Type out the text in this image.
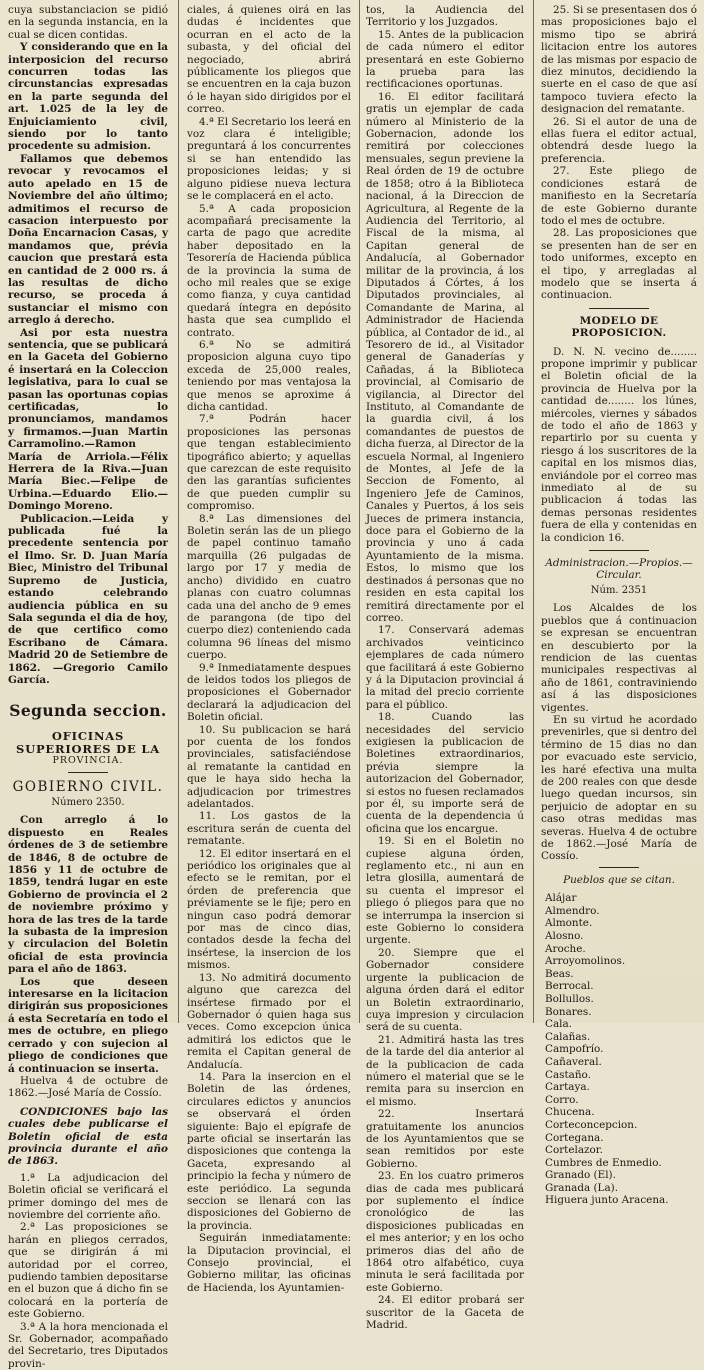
cuya substanciacion se pidió en la segunda instancia, en la cual se dicen contidas.

Y considerando que en la interposicion del recurso concurren todas las circunstancias expresadas en la parte segunda del art. 1.025 de la ley de Enjuiciamiento civil, siendo por lo tanto procedente su admision.

Fallamos que debemos revocar y revocamos el auto apelado en 15 de Noviembre del año último; admitimos el recurso de casacion interpuesto por Doña Encarnacion Casas, y mandamos que, prévia caucion que prestará esta en cantidad de 2 000 rs. á las resultas de dicho recurso, se proceda á sustanciar el mismo con arreglo á derecho.

Asi por esta nuestra sentencia, que se publicará en la Gaceta del Gobierno é insertará en la Coleccion legislativa, para lo cual se pasan las oportunas copias certificadas, lo pronunciamos, mandamos y firmamos.—Juan Martin Carramolino.—Ramon María de Arriola.—Félix Herrera de la Riva.—Juan María Biec.—Felipe de Urbina.—Eduardo Elio.—Domingo Moreno.

Publicacion.—Leida y publicada fué la precedente sentencia por el Ilmo. Sr. D. Juan María Biec, Ministro del Tribunal Supremo de Justicia, estando celebrando audiencia pública en su Sala segunda el dia de hoy, de que certifico como Escribano de Cámara. Madrid 20 de Setiembre de 1862. —Gregorio Camilo García.

Segunda seccion.
OFICINAS SUPERIORES DE LA
PROVINCIA.
GOBIERNO CIVIL.
Número 2350.

Con arreglo á lo dispuesto en Reales órdenes de 3 de setiembre de 1846, 8 de octubre de 1856 y 11 de octubre de 1859, tendrá lugar en este Gobierno de provincia el 2 de noviembre próximo y hora de las tres de la tarde la subasta de la impresion y circulacion del Boletin oficial de esta provincia para el año de 1863.

Los que deseen interesarse en la licitacion dirigirán sus proposiciones á esta Secretaría en todo el mes de octubre, en pliego cerrado y con sujecion al pliego de condiciones que á continuacion se inserta.

Huelva 4 de octubre de 1862.—José María de Cossío.

CONDICIONES bajo las cuales debe publicarse el Boletin oficial de esta provincia durante el año de 1863.

1.ª La adjudicacion del Boletin oficial se verificará el primer domingo del mes de noviembre del corriente año.

2.ª Las proposiciones se harán en pliegos cerrados, que se dirigirán á mi autoridad por el correo, pudiendo tambien depositarse en el buzon que á dicho fin se colocará en la portería de este Gobierno.

3.ª A la hora mencionada el Sr. Gobernador, acompañado del Secretario, tres Diputados provin-

ciales, á quienes oirá en las dudas é incidentes que ocurran en el acto de la subasta, y del oficial del negociado, abrirá públicamente los pliegos que se encuentren en la caja buzon ó le hayan sido dirigidos por el correo.

4.ª El Secretario los leerá en voz clara é inteligible; preguntará á los concurrentes si se han entendido las proposiciones leidas; y si alguno pidiese nueva lectura se le complacerá en el acto.

5.ª A cada proposicion acompañará precisamente la carta de pago que acredite haber depositado en la Tesorería de Hacienda pública de la provincia la suma de ocho mil reales que se exige como fianza, y cuya cantidad quedará íntegra en depósito hasta que sea cumplido el contrato.

6.ª No se admitirá proposicion alguna cuyo tipo exceda de 25,000 reales, teniendo por mas ventajosa la que menos se aproxime á dicha cantidad.

7.ª Podrán hacer proposiciones las personas que tengan establecimiento tipográfico abierto; y aquellas que carezcan de este requisito den las garantías suficientes de que pueden cumplir su compromiso.

8.ª Las dimensiones del Boletin serán las de un pliego de papel continuo tamaño marquilla (26 pulgadas de largo por 17 y media de ancho) dividido en cuatro planas con cuatro columnas cada una del ancho de 9 emes de parangona (de tipo del cuerpo diez) conteniendo cada columna 96 líneas del mismo cuerpo.

9.ª Inmediatamente despues de leidos todos los pliegos de proposiciones el Gobernador declarará la adjudicacion del Boletin oficial.

10. Su publicacion se hará por cuenta de los fondos provinciales, satisfaciéndose al rematante la cantidad en que le haya sido hecha la adjudicacion por trimestres adelantados.

11. Los gastos de la escritura serán de cuenta del rematante.

12. El editor insertará en el periódico los originales que al efecto se le remitan, por el órden de preferencia que préviamente se le fije; pero en ningun caso podrá demorar por mas de cinco dias, contados desde la fecha del insértese, la insercion de los mismos.

13. No admitirá documento alguno que carezca del insértese firmado por el Gobernador ó quien haga sus veces. Como excepcion única admitirá los edictos que le remita el Capitan general de Andalucía.

14. Para la insercion en el Boletin de las órdenes, circulares edictos y anuncios se observará el órden siguiente: Bajo el epígrafe de parte oficial se insertarán las disposiciones que contenga la Gaceta, expresando al principio la fecha y número de este periódico. La segunda seccion se llenará con las disposiciones del Gobierno de la provincia.

Seguirán inmediatamente: la Diputacion provincial, el Consejo provincial, el Gobierno militar, las oficinas de Hacienda, los Ayuntamien-

tos, la Audiencia del Territorio y los Juzgados.

15. Antes de la publicacion de cada número el editor presentará en este Gobierno la prueba para las rectificaciones oportunas.

16. El editor facilitará gratis un ejemplar de cada número al Ministerio de la Gobernacion, adonde los remitirá por colecciones mensuales, segun previene la Real órden de 19 de octubre de 1858; otro á la Biblioteca nacional, á la Direccion de Agricultura, al Regente de la Audiencia del Territorio, al Fiscal de la misma, al Capitan general de Andalucía, al Gobernador militar de la provincia, á los Diputados á Córtes, á los Diputados provinciales, al Comandante de Marina, al Administrador de Hacienda pública, al Contador de id., al Tesorero de id., al Visitador general de Ganaderías y Cañadas, á la Biblioteca provincial, al Comisario de vigilancia, al Director del Instituto, al Comandante de la guardia civil, á los comandantes de puestos de dicha fuerza, al Director de la escuela Normal, al Ingeniero de Montes, al Jefe de la Seccion de Fomento, al Ingeniero Jefe de Caminos, Canales y Puertos, á los seis Jueces de primera instancia, doce para el Gobierno de la provincia y uno á cada Ayuntamiento de la misma. Estos, lo mismo que los destinados á personas que no residen en esta capital los remitirá directamente por el correo.

17. Conservará ademas archivados veinticinco ejemplares de cada número que facilitará á este Gobierno y á la Diputacion provincial á la mitad del precio corriente para el público.

18. Cuando las necesidades del servicio exigiesen la publicacion de Boletines extraordinarios, prévia siempre la autorizacion del Gobernador, si estos no fuesen reclamados por él, su importe será de cuenta de la dependencia ú oficina que los encargue.

19. Si en el Boletin no cupiese alguna órden, reglamento etc., ni aun en letra glosilla, aumentará de su cuenta el impresor el pliego ó pliegos para que no se interrumpa la insercion si este Gobierno lo considera urgente.

20. Siempre que el Gobernador considere urgente la publicacion de alguna órden dará el editor un Boletin extraordinario, cuya impresion y circulacion será de su cuenta.

21. Admitirá hasta las tres de la tarde del dia anterior al de la publicacion de cada número el material que se le remita para su insercion en el mismo.

22. Insertará gratuitamente los anuncios de los Ayuntamientos que se sean remitidos por este Gobierno.

23. En los cuatro primeros dias de cada mes publicará por suplemento el índice cronológico de las disposiciones publicadas en el mes anterior; y en los ocho primeros dias del año de 1864 otro alfabético, cuya minuta le será facilitada por este Gobierno.

24. El editor probará ser suscritor de la Gaceta de Madrid.

25. Si se presentasen dos ó mas proposiciones bajo el mismo tipo se abrirá licitacion entre los autores de las mismas por espacio de diez minutos, decidiendo la suerte en el caso de que así tampoco tuviera efecto la designacion del rematante.

26. Si el autor de una de ellas fuera el editor actual, obtendrá desde luego la preferencia.

27. Este pliego de condiciones estará de manifiesto en la Secretaría de este Gobierno durante todo el mes de octubre.

28. Las proposiciones que se presenten han de ser en todo uniformes, excepto en el tipo, y arregladas al modelo que se inserta á continuacion.

MODELO DE PROPOSICION.

D. N. N. vecino de........ propone imprimir y publicar el Boletin oficial de la provincia de Huelva por la cantidad de........ los lúnes, miércoles, viernes y sábados de todo el año de 1863 y repartirlo por su cuenta y riesgo á los suscritores de la capital en los mismos dias, enviándole por el correo mas inmediato al de su publicacion á todas las demas personas residentes fuera de ella y contenidas en la condicion 16.

Administracion.—Propios.—Circular.
Núm. 2351

Los Alcaldes de los pueblos que á continuacion se expresan se encuentran en descubierto por la rendicion de las cuentas municipales respectivas al año de 1861, contraviniendo así á las disposiciones vigentes.

En su virtud he acordado prevenirles, que si dentro del término de 15 dias no dan por evacuado este servicio, les haré efectiva una multa de 200 reales con que desde luego quedan incursos, sin perjuicio de adoptar en su caso otras medidas mas severas. Huelva 4 de octubre de 1862.—José María de Cossío.

Pueblos que se citan.
Alájar
Almendro.
Almonte.
Alosno.
Aroche.
Arroyomolinos.
Beas.
Berrocal.
Bollullos.
Bonares.
Cala.
Calañas.
Campofrío.
Cañaveral.
Castaño.
Cartaya.
Corro.
Chucena.
Corteconcepcion.
Cortegana.
Cortelazor.
Cumbres de Enmedio.
Granado (El).
Granada (La).
Higuera junto Aracena.
